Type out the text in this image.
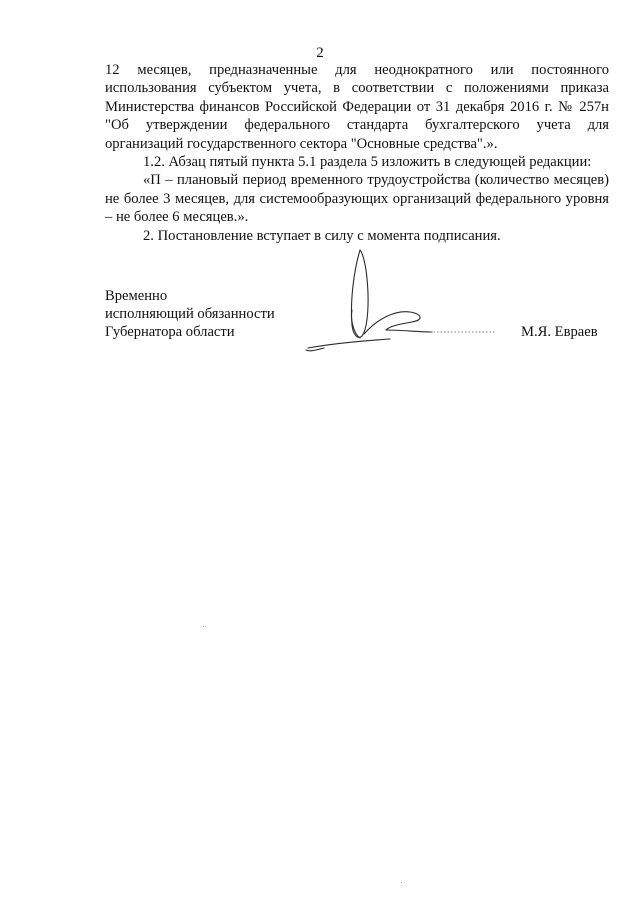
2

12 месяцев, предназначенные для неоднократного или постоянного использования субъектом учета, в соответствии с положениями приказа Министерства финансов Российской Федерации от 31 декабря 2016 г. № 257н "Об утверждении федерального стандарта бухгалтерского учета для организаций государственного сектора "Основные средства".».

1.2. Абзац пятый пункта 5.1 раздела 5 изложить в следующей редакции:

«П – плановый период временного трудоустройства (количество месяцев) не более 3 месяцев, для системообразующих организаций федерального уровня – не более 6 месяцев.».

2. Постановление вступает в силу с момента подписания.

Временно
исполняющий обязанности
Губернатора области	М.Я. Евраев
